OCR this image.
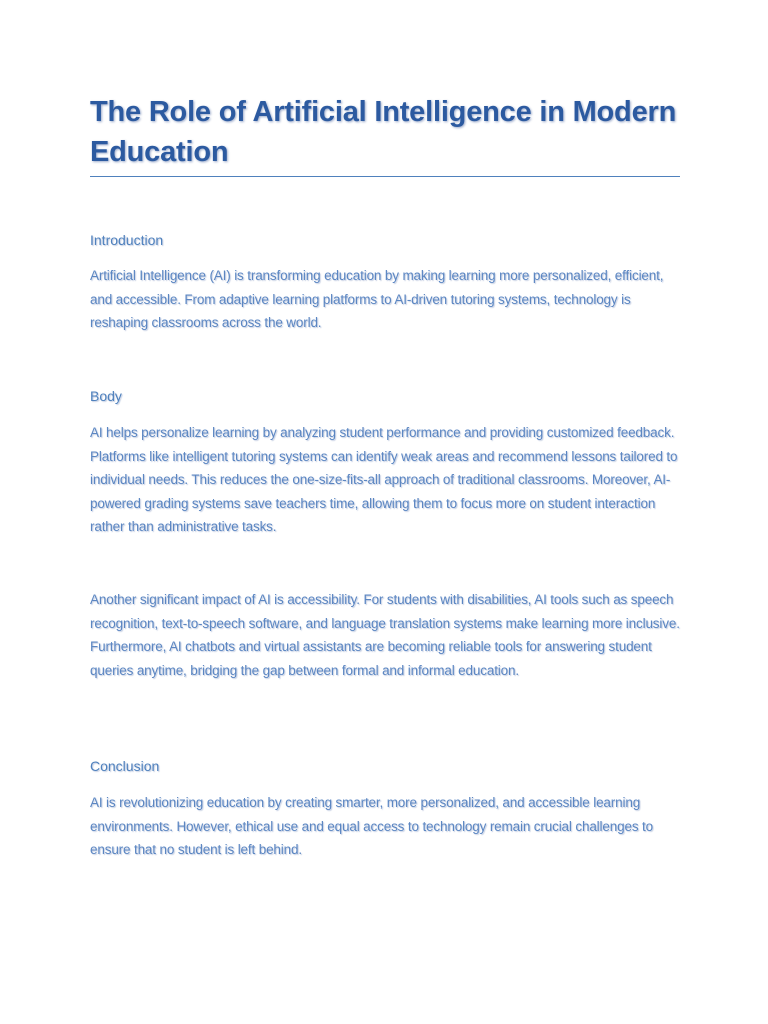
The Role of Artificial Intelligence in Modern Education
Introduction

Artificial Intelligence (AI) is transforming education by making learning more personalized, efficient, and accessible. From adaptive learning platforms to AI-driven tutoring systems, technology is reshaping classrooms across the world.

Body

AI helps personalize learning by analyzing student performance and providing customized feedback. Platforms like intelligent tutoring systems can identify weak areas and recommend lessons tailored to individual needs. This reduces the one-size-fits-all approach of traditional classrooms. Moreover, AI-powered grading systems save teachers time, allowing them to focus more on student interaction rather than administrative tasks.

Another significant impact of AI is accessibility. For students with disabilities, AI tools such as speech recognition, text-to-speech software, and language translation systems make learning more inclusive. Furthermore, AI chatbots and virtual assistants are becoming reliable tools for answering student queries anytime, bridging the gap between formal and informal education.

Conclusion

AI is revolutionizing education by creating smarter, more personalized, and accessible learning environments. However, ethical use and equal access to technology remain crucial challenges to ensure that no student is left behind.
